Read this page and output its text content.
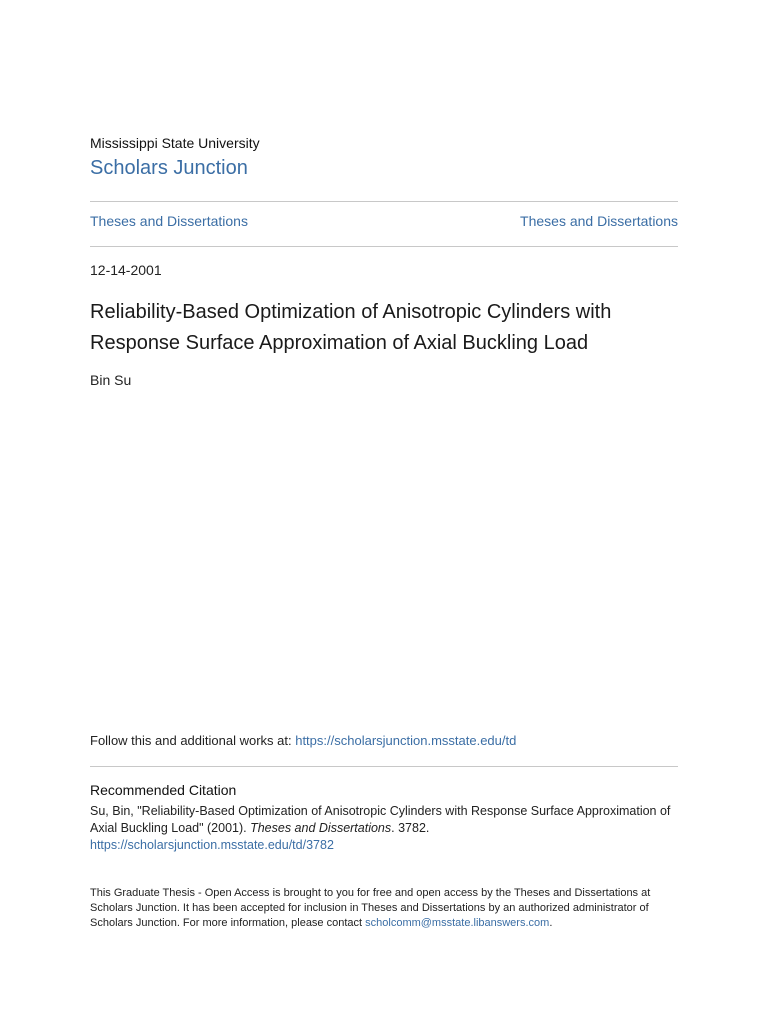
Mississippi State University
Scholars Junction
Theses and Dissertations	Theses and Dissertations
12-14-2001
Reliability-Based Optimization of Anisotropic Cylinders with Response Surface Approximation of Axial Buckling Load
Bin Su
Follow this and additional works at: https://scholarsjunction.msstate.edu/td
Recommended Citation
Su, Bin, "Reliability-Based Optimization of Anisotropic Cylinders with Response Surface Approximation of Axial Buckling Load" (2001). Theses and Dissertations. 3782.
https://scholarsjunction.msstate.edu/td/3782
This Graduate Thesis - Open Access is brought to you for free and open access by the Theses and Dissertations at Scholars Junction. It has been accepted for inclusion in Theses and Dissertations by an authorized administrator of Scholars Junction. For more information, please contact scholcomm@msstate.libanswers.com.
